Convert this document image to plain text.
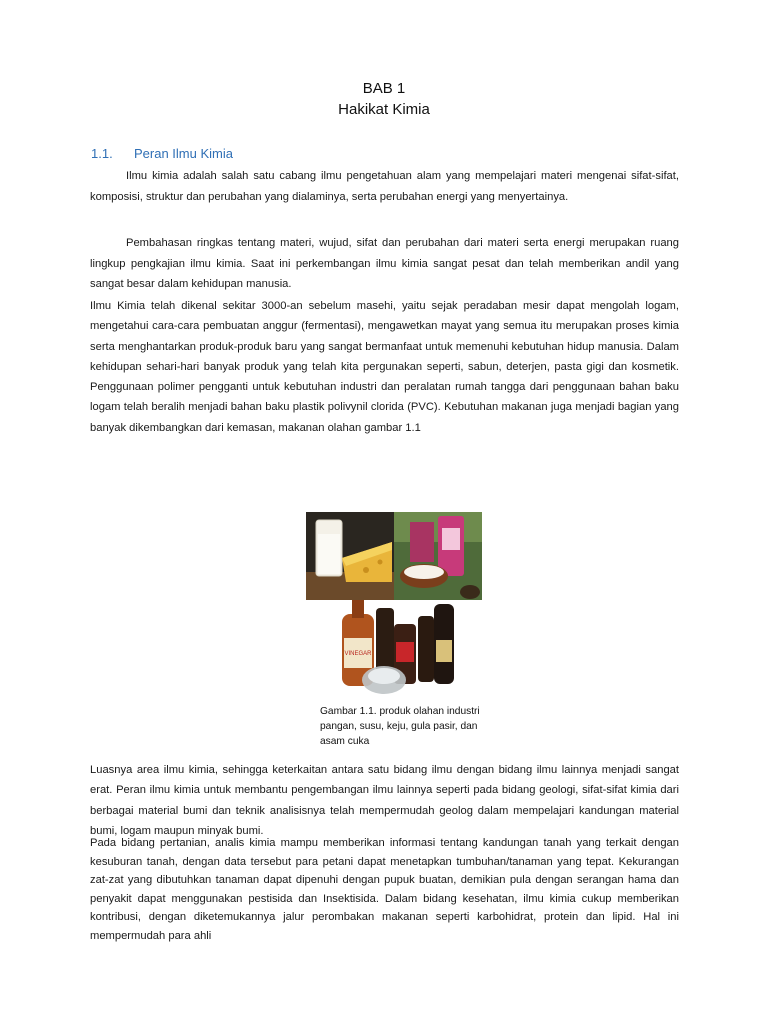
BAB 1
Hakikat Kimia
1.1. Peran Ilmu Kimia

Ilmu kimia adalah salah satu cabang ilmu pengetahuan alam yang mempelajari materi mengenai sifat-sifat, komposisi, struktur dan perubahan yang dialaminya, serta perubahan energi yang menyertainya.

Pembahasan ringkas tentang materi, wujud, sifat dan perubahan dari materi serta energi merupakan ruang lingkup pengkajian ilmu kimia. Saat ini perkembangan ilmu kimia sangat pesat dan telah memberikan andil yang sangat besar dalam kehidupan manusia.

Ilmu Kimia telah dikenal sekitar 3000-an sebelum masehi, yaitu sejak peradaban mesir dapat mengolah logam, mengetahui cara-cara pembuatan anggur (fermentasi), mengawetkan mayat yang semua itu merupakan proses kimia serta menghantarkan produk-produk baru yang sangat bermanfaat untuk memenuhi kebutuhan hidup manusia. Dalam kehidupan sehari-hari banyak produk yang telah kita pergunakan seperti, sabun, deterjen, pasta gigi dan kosmetik. Penggunaan polimer pengganti untuk kebutuhan industri dan peralatan rumah tangga dari penggunaan bahan baku logam telah beralih menjadi bahan baku plastik polivynil clorida (PVC). Kebutuhan makanan juga menjadi bagian yang banyak dikembangkan dari kemasan, makanan olahan gambar 1.1

VINEGAR
Gambar 1.1. produk olahan industri pangan, susu, keju, gula pasir, dan asam cuka

Luasnya area ilmu kimia, sehingga keterkaitan antara satu bidang ilmu dengan bidang ilmu lainnya menjadi sangat erat. Peran ilmu kimia untuk membantu pengembangan ilmu lainnya seperti pada bidang geologi, sifat-sifat kimia dari berbagai material bumi dan teknik analisisnya telah mempermudah geolog dalam mempelajari kandungan material bumi, logam maupun minyak bumi.

Pada bidang pertanian, analis kimia mampu memberikan informasi tentang kandungan tanah yang terkait dengan kesuburan tanah, dengan data tersebut para petani dapat menetapkan tumbuhan/tanaman yang tepat. Kekurangan zat-zat yang dibutuhkan tanaman dapat dipenuhi dengan pupuk buatan, demikian pula dengan serangan hama dan penyakit dapat menggunakan pestisida dan Insektisida. Dalam bidang kesehatan, ilmu kimia cukup memberikan kontribusi, dengan diketemukannya jalur perombakan makanan seperti karbohidrat, protein dan lipid. Hal ini mempermudah para ahli
